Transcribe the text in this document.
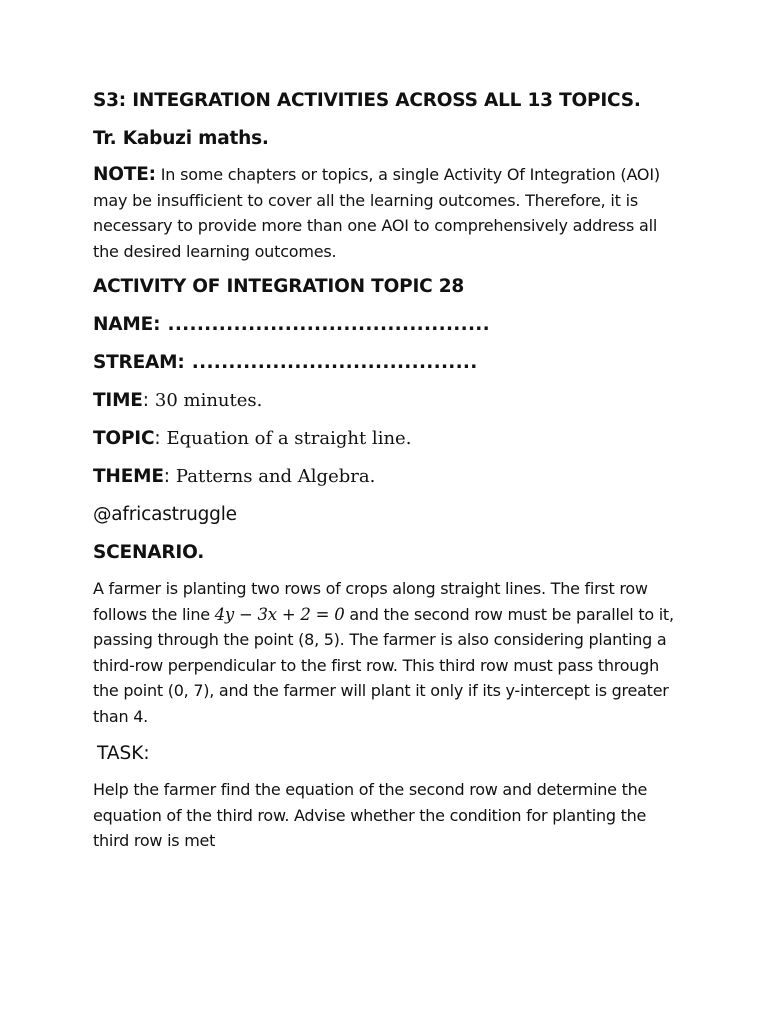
S3: INTEGRATION ACTIVITIES ACROSS ALL 13 TOPICS.

Tr. Kabuzi maths.

NOTE: In some chapters or topics, a single Activity Of Integration (AOI) may be insufficient to cover all the learning outcomes. Therefore, it is necessary to provide more than one AOI to comprehensively address all the desired learning outcomes.

ACTIVITY OF INTEGRATION TOPIC 28

NAME: ............................................

STREAM: .......................................

TIME: 30 minutes.

TOPIC: Equation of a straight line.

THEME: Patterns and Algebra.

@africastruggle

SCENARIO.

A farmer is planting two rows of crops along straight lines. The first row follows the line 4y − 3x + 2 = 0 and the second row must be parallel to it, passing through the point (8, 5). The farmer is also considering planting a third-row perpendicular to the first row. This third row must pass through the point (0, 7), and the farmer will plant it only if its y-intercept is greater than 4.

TASK:

Help the farmer find the equation of the second row and determine the equation of the third row. Advise whether the condition for planting the third row is met
